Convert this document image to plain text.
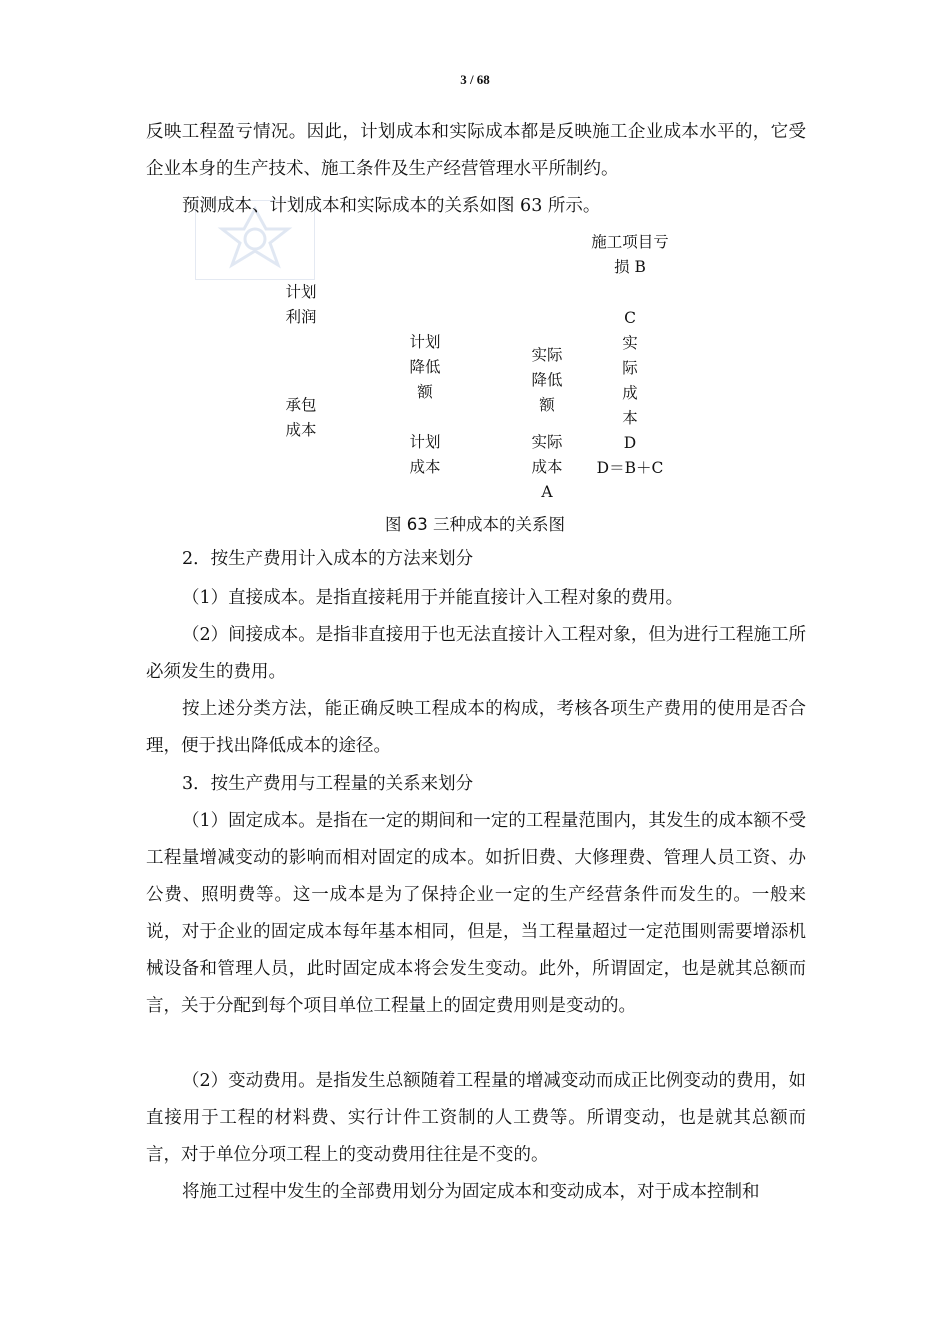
3 / 68

反映工程盈亏情况。因此，计划成本和实际成本都是反映施工企业成本水平的，它受企业本身的生产技术、施工条件及生产经营管理水平所制约。

预测成本、计划成本和实际成本的关系如图 63 所示。

施工项目亏
损 B
计划
利润
承包
成本
计划
降低
额
计划
成本
实际
降低
额
实际
成本
A
C
实
际
成
本
D
D＝B＋C
图 63 三种成本的关系图

2．按生产费用计入成本的方法来划分

（1）直接成本。是指直接耗用于并能直接计入工程对象的费用。

（2）间接成本。是指非直接用于也无法直接计入工程对象，但为进行工程施工所必须发生的费用。

按上述分类方法，能正确反映工程成本的构成，考核各项生产费用的使用是否合理，便于找出降低成本的途径。

3．按生产费用与工程量的关系来划分

（1）固定成本。是指在一定的期间和一定的工程量范围内，其发生的成本额不受工程量增减变动的影响而相对固定的成本。如折旧费、大修理费、管理人员工资、办公费、照明费等。这一成本是为了保持企业一定的生产经营条件而发生的。一般来说，对于企业的固定成本每年基本相同，但是，当工程量超过一定范围则需要增添机械设备和管理人员，此时固定成本将会发生变动。此外，所谓固定，也是就其总额而言，关于分配到每个项目单位工程量上的固定费用则是变动的。

（2）变动费用。是指发生总额随着工程量的增减变动而成正比例变动的费用，如直接用于工程的材料费、实行计件工资制的人工费等。所谓变动，也是就其总额而言，对于单位分项工程上的变动费用往往是不变的。

将施工过程中发生的全部费用划分为固定成本和变动成本，对于成本控制和
